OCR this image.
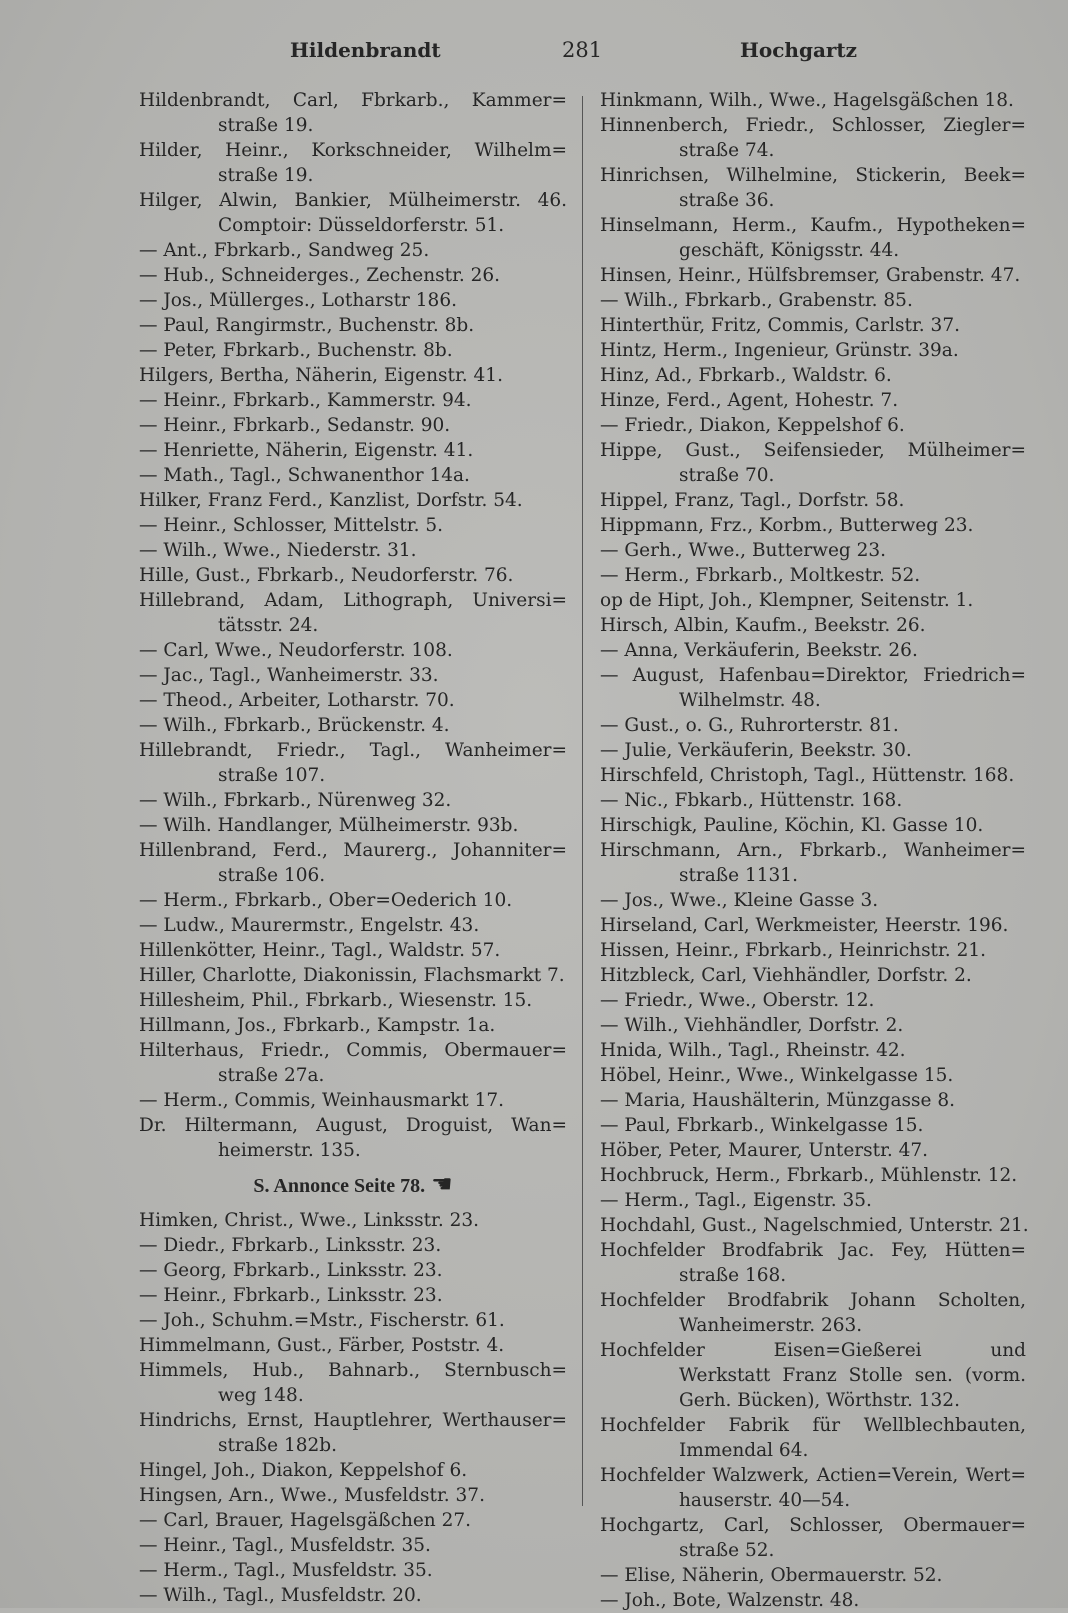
Hildenbrandt	281	Hochgartz
Hildenbrandt, Carl, Fbrkarb., Kammer=
straße 19.
Hilder, Heinr., Korkschneider, Wilhelm=
straße 19.
Hilger, Alwin, Bankier, Mülheimerstr. 46.
Comptoir: Düsseldorferstr. 51.
— Ant., Fbrkarb., Sandweg 25.
— Hub., Schneiderges., Zechenstr. 26.
— Jos., Müllerges., Lotharstr 186.
— Paul, Rangirmstr., Buchenstr. 8b.
— Peter, Fbrkarb., Buchenstr. 8b.
Hilgers, Bertha, Näherin, Eigenstr. 41.
— Heinr., Fbrkarb., Kammerstr. 94.
— Heinr., Fbrkarb., Sedanstr. 90.
— Henriette, Näherin, Eigenstr. 41.
— Math., Tagl., Schwanenthor 14a.
Hilker, Franz Ferd., Kanzlist, Dorfstr. 54.
— Heinr., Schlosser, Mittelstr. 5.
— Wilh., Wwe., Niederstr. 31.
Hille, Gust., Fbrkarb., Neudorferstr. 76.
Hillebrand, Adam, Lithograph, Universi=
tätsstr. 24.
— Carl, Wwe., Neudorferstr. 108.
— Jac., Tagl., Wanheimerstr. 33.
— Theod., Arbeiter, Lotharstr. 70.
— Wilh., Fbrkarb., Brückenstr. 4.
Hillebrandt, Friedr., Tagl., Wanheimer=
straße 107.
— Wilh., Fbrkarb., Nürenweg 32.
— Wilh. Handlanger, Mülheimerstr. 93b.
Hillenbrand, Ferd., Maurerg., Johanniter=
straße 106.
— Herm., Fbrkarb., Ober=Oederich 10.
— Ludw., Maurermstr., Engelstr. 43.
Hillenkötter, Heinr., Tagl., Waldstr. 57.
Hiller, Charlotte, Diakonissin, Flachsmarkt 7.
Hillesheim, Phil., Fbrkarb., Wiesenstr. 15.
Hillmann, Jos., Fbrkarb., Kampstr. 1a.
Hilterhaus, Friedr., Commis, Obermauer=
straße 27a.
— Herm., Commis, Weinhausmarkt 17.
Dr. Hiltermann, August, Droguist, Wan=
heimerstr. 135.
S. Annonce Seite 78. ☚
Himken, Christ., Wwe., Linksstr. 23.
— Diedr., Fbrkarb., Linksstr. 23.
— Georg, Fbrkarb., Linksstr. 23.
— Heinr., Fbrkarb., Linksstr. 23.
— Joh., Schuhm.=Mstr., Fischerstr. 61.
Himmelmann, Gust., Färber, Poststr. 4.
Himmels, Hub., Bahnarb., Sternbusch=
weg 148.
Hindrichs, Ernst, Hauptlehrer, Werthauser=
straße 182b.
Hingel, Joh., Diakon, Keppelshof 6.
Hingsen, Arn., Wwe., Musfeldstr. 37.
— Carl, Brauer, Hagelsgäßchen 27.
— Heinr., Tagl., Musfeldstr. 35.
— Herm., Tagl., Musfeldstr. 35.
— Wilh., Tagl., Musfeldstr. 20.
Hinkmann, Wilh., Wwe., Hagelsgäßchen 18.
Hinnenberch, Friedr., Schlosser, Ziegler=
straße 74.
Hinrichsen, Wilhelmine, Stickerin, Beek=
straße 36.
Hinselmann, Herm., Kaufm., Hypotheken=
geschäft, Königsstr. 44.
Hinsen, Heinr., Hülfsbremser, Grabenstr. 47.
— Wilh., Fbrkarb., Grabenstr. 85.
Hinterthür, Fritz, Commis, Carlstr. 37.
Hintz, Herm., Ingenieur, Grünstr. 39a.
Hinz, Ad., Fbrkarb., Waldstr. 6.
Hinze, Ferd., Agent, Hohestr. 7.
— Friedr., Diakon, Keppelshof 6.
Hippe, Gust., Seifensieder, Mülheimer=
straße 70.
Hippel, Franz, Tagl., Dorfstr. 58.
Hippmann, Frz., Korbm., Butterweg 23.
— Gerh., Wwe., Butterweg 23.
— Herm., Fbrkarb., Moltkestr. 52.
op de Hipt, Joh., Klempner, Seitenstr. 1.
Hirsch, Albin, Kaufm., Beekstr. 26.
— Anna, Verkäuferin, Beekstr. 26.
— August, Hafenbau=Direktor, Friedrich=
Wilhelmstr. 48.
— Gust., o. G., Ruhrorterstr. 81.
— Julie, Verkäuferin, Beekstr. 30.
Hirschfeld, Christoph, Tagl., Hüttenstr. 168.
— Nic., Fbkarb., Hüttenstr. 168.
Hirschigk, Pauline, Köchin, Kl. Gasse 10.
Hirschmann, Arn., Fbrkarb., Wanheimer=
straße 1131.
— Jos., Wwe., Kleine Gasse 3.
Hirseland, Carl, Werkmeister, Heerstr. 196.
Hissen, Heinr., Fbrkarb., Heinrichstr. 21.
Hitzbleck, Carl, Viehhändler, Dorfstr. 2.
— Friedr., Wwe., Oberstr. 12.
— Wilh., Viehhändler, Dorfstr. 2.
Hnida, Wilh., Tagl., Rheinstr. 42.
Höbel, Heinr., Wwe., Winkelgasse 15.
— Maria, Haushälterin, Münzgasse 8.
— Paul, Fbrkarb., Winkelgasse 15.
Höber, Peter, Maurer, Unterstr. 47.
Hochbruck, Herm., Fbrkarb., Mühlenstr. 12.
— Herm., Tagl., Eigenstr. 35.
Hochdahl, Gust., Nagelschmied, Unterstr. 21.
Hochfelder Brodfabrik Jac. Fey, Hütten=
straße 168.
Hochfelder Brodfabrik Johann Scholten,
Wanheimerstr. 263.
Hochfelder Eisen=Gießerei und
Werkstatt Franz Stolle sen. (vorm.
Gerh. Bücken), Wörthstr. 132.
Hochfelder Fabrik für Wellblechbauten,
Immendal 64.
Hochfelder Walzwerk, Actien=Verein, Wert=
hauserstr. 40—54.
Hochgartz, Carl, Schlosser, Obermauer=
straße 52.
— Elise, Näherin, Obermauerstr. 52.
— Joh., Bote, Walzenstr. 48.
